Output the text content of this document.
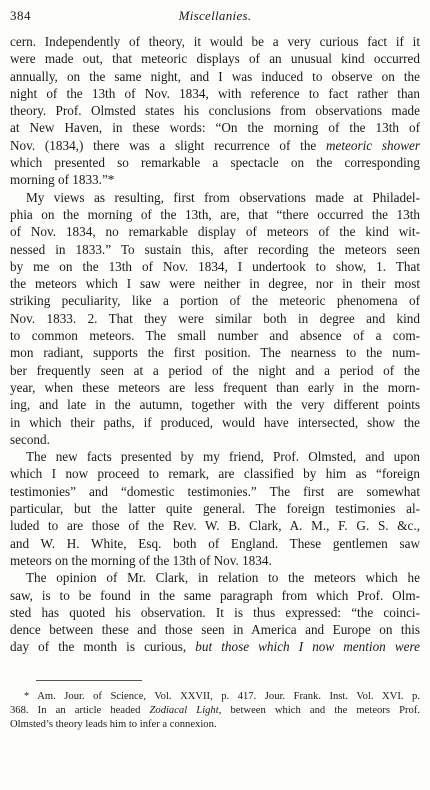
384	Miscellanies.
cern. Independently of theory, it would be a very curious fact if it
were made out, that meteoric displays of an unusual kind occurred
annually, on the same night, and I was induced to observe on the
night of the 13th of Nov. 1834, with reference to fact rather than
theory. Prof. Olmsted states his conclusions from observations made
at New Haven, in these words: “On the morning of the 13th of
Nov. (1834,) there was a slight recurrence of the meteoric shower
which presented so remarkable a spectacle on the corresponding
morning of 1833.”*
My views as resulting, first from observations made at Philadel-
phia on the morning of the 13th, are, that “there occurred the 13th
of Nov. 1834, no remarkable display of meteors of the kind wit-
nessed in 1833.” To sustain this, after recording the meteors seen
by me on the 13th of Nov. 1834, I undertook to show, 1. That
the meteors which I saw were neither in degree, nor in their most
striking peculiarity, like a portion of the meteoric phenomena of
Nov. 1833. 2. That they were similar both in degree and kind
to common meteors. The small number and absence of a com-
mon radiant, supports the first position. The nearness to the num-
ber frequently seen at a period of the night and a period of the
year, when these meteors are less frequent than early in the morn-
ing, and late in the autumn, together with the very different points
in which their paths, if produced, would have intersected, show the
second.
The new facts presented by my friend, Prof. Olmsted, and upon
which I now proceed to remark, are classified by him as “foreign
testimonies” and “domestic testimonies.” The first are somewhat
particular, but the latter quite general. The foreign testimonies al-
luded to are those of the Rev. W. B. Clark, A. M., F. G. S. &c.,
and W. H. White, Esq. both of England. These gentlemen saw
meteors on the morning of the 13th of Nov. 1834.
The opinion of Mr. Clark, in relation to the meteors which he
saw, is to be found in the same paragraph from which Prof. Olm-
sted has quoted his observation. It is thus expressed: “the coinci-
dence between these and those seen in America and Europe on this
day of the month is curious, but those which I now mention were
* Am. Jour. of Science, Vol. XXVII, p. 417. Jour. Frank. Inst. Vol. XVI. p.
368. In an article headed Zodiacal Light, between which and the meteors Prof.
Olmsted’s theory leads him to infer a connexion.
